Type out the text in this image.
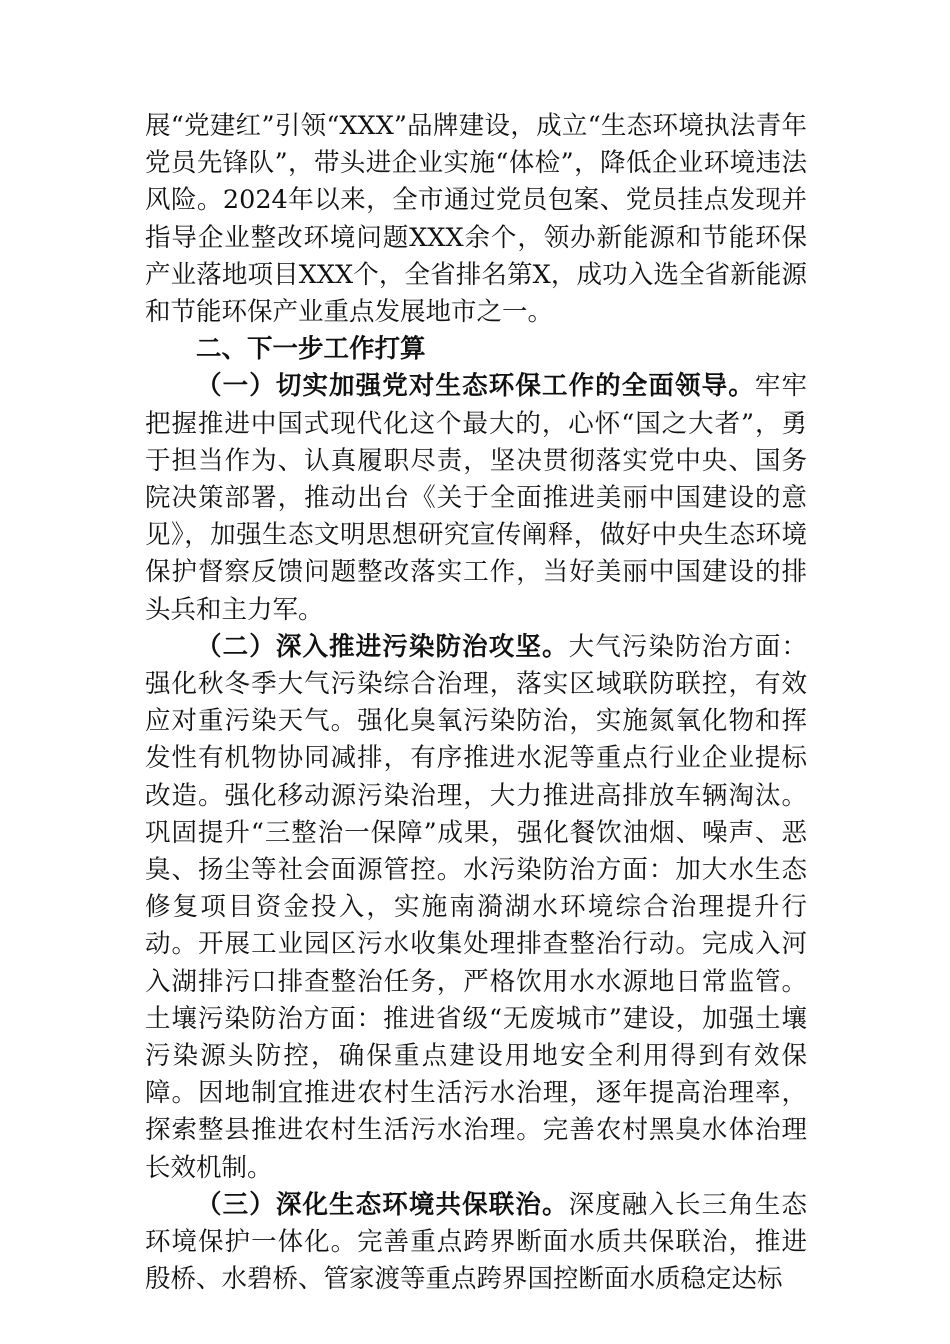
展“党建红”引领“XXX”品牌建设，成立“生态环境执法青年党员先锋队”，带头进企业实施“体检”，降低企业环境违法风险。2024年以来，全市通过党员包案、党员挂点发现并指导企业整改环境问题XXX余个，领办新能源和节能环保产业落地项目XXX个，全省排名第X，成功入选全省新能源和节能环保产业重点发展地市之一。

二、下一步工作打算

（一）切实加强党对生态环保工作的全面领导。牢牢把握推进中国式现代化这个最大的，心怀“国之大者”，勇于担当作为、认真履职尽责，坚决贯彻落实党中央、国务院决策部署，推动出台《关于全面推进美丽中国建设的意见》，加强生态文明思想研究宣传阐释，做好中央生态环境保护督察反馈问题整改落实工作，当好美丽中国建设的排头兵和主力军。

（二）深入推进污染防治攻坚。大气污染防治方面：强化秋冬季大气污染综合治理，落实区域联防联控，有效应对重污染天气。强化臭氧污染防治，实施氮氧化物和挥发性有机物协同减排，有序推进水泥等重点行业企业提标改造。强化移动源污染治理，大力推进高排放车辆淘汰。巩固提升“三整治一保障”成果，强化餐饮油烟、噪声、恶臭、扬尘等社会面源管控。水污染防治方面：加大水生态修复项目资金投入，实施南漪湖水环境综合治理提升行动。开展工业园区污水收集处理排查整治行动。完成入河入湖排污口排查整治任务，严格饮用水水源地日常监管。土壤污染防治方面：推进省级“无废城市”建设，加强土壤污染源头防控，确保重点建设用地安全利用得到有效保障。因地制宜推进农村生活污水治理，逐年提高治理率，探索整县推进农村生活污水治理。完善农村黑臭水体治理长效机制。

（三）深化生态环境共保联治。深度融入长三角生态环境保护一体化。完善重点跨界断面水质共保联治，推进殷桥、水碧桥、管家渡等重点跨界国控断面水质稳定达标
